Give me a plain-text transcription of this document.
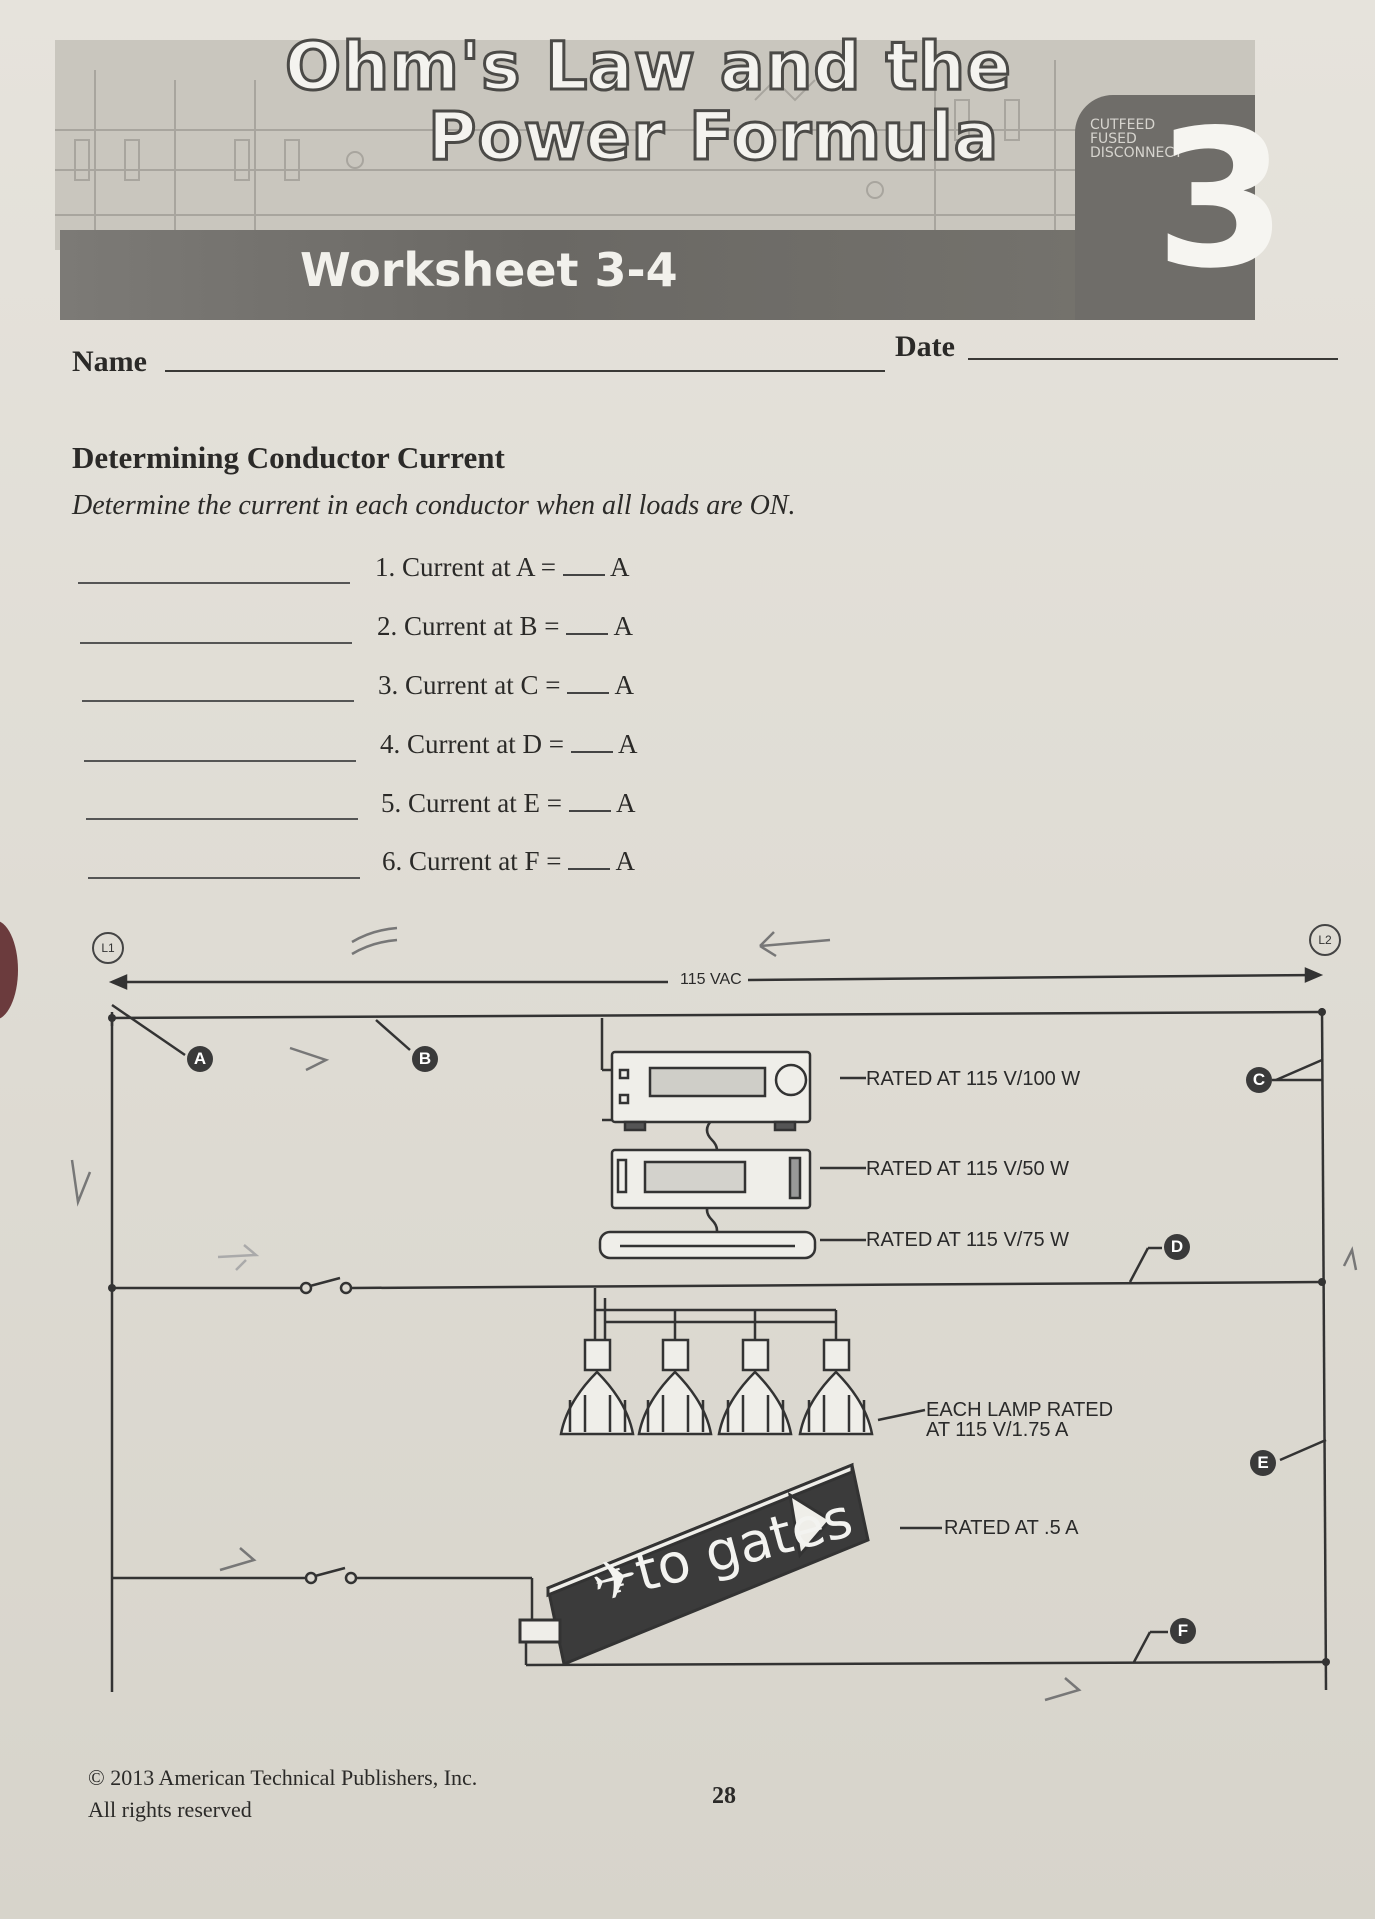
CUTFEED
FUSED
DISCONNECT
Ohm's Law and the
Power Formula
Worksheet 3-4	3
Name	Date
Determining Conductor Current
Determine the current in each conductor when all loads are ON.
1. Current at A = A
2. Current at B = A
3. Current at C = A
4. Current at D = A
5. Current at E = A
6. Current at F = A
L1
L2
115 VAC
A	B
C
D
E
F
RATED AT 115 V/100 W
RATED AT 115 V/50 W
RATED AT 115 V/75 W
EACH LAMP RATED
AT 115 V/1.75 A
RATED AT .5 A
✈to gates
© 2013 American Technical Publishers, Inc.
All rights reserved
28
